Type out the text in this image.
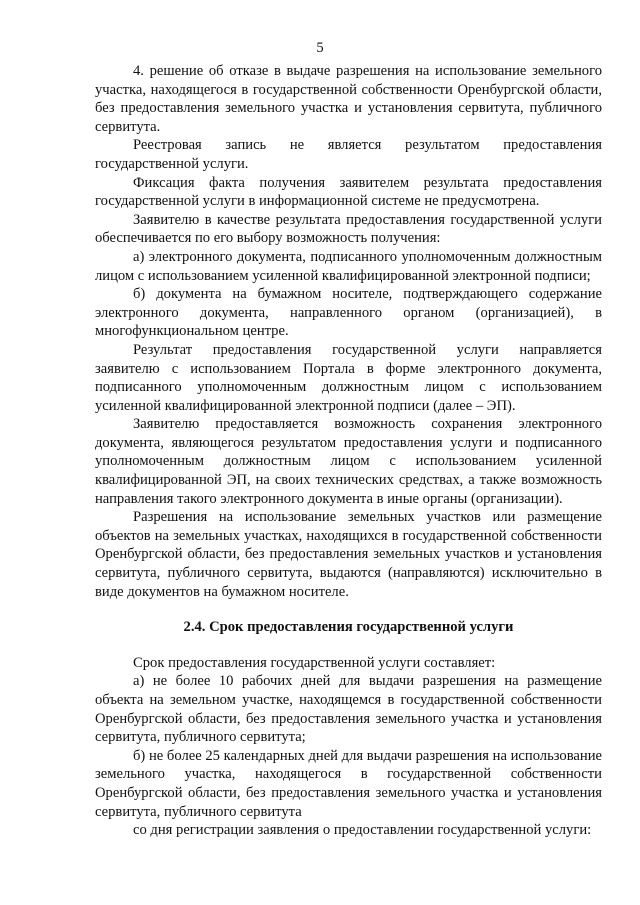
5

4. решение об отказе в выдаче разрешения на использование земельного участка, находящегося в государственной собственности Оренбургской области, без предоставления земельного участка и установления сервитута, публичного сервитута.

Реестровая запись не является результатом предоставления государственной услуги.

Фиксация факта получения заявителем результата предоставления государственной услуги в информационной системе не предусмотрена.

Заявителю в качестве результата предоставления государственной услуги обеспечивается по его выбору возможность получения:

а) электронного документа, подписанного уполномоченным должностным лицом с использованием усиленной квалифицированной электронной подписи;

б) документа на бумажном носителе, подтверждающего содержание электронного документа, направленного органом (организацией), в многофункциональном центре.

Результат предоставления государственной услуги направляется заявителю с использованием Портала в форме электронного документа, подписанного уполномоченным должностным лицом с использованием усиленной квалифицированной электронной подписи (далее – ЭП).

Заявителю предоставляется возможность сохранения электронного документа, являющегося результатом предоставления услуги и подписанного уполномоченным должностным лицом с использованием усиленной квалифицированной ЭП, на своих технических средствах, а также возможность направления такого электронного документа в иные органы (организации).

Разрешения на использование земельных участков или размещение объектов на земельных участках, находящихся в государственной собственности Оренбургской области, без предоставления земельных участков и установления сервитута, публичного сервитута, выдаются (направляются) исключительно в виде документов на бумажном носителе.

2.4. Срок предоставления государственной услуги

Срок предоставления государственной услуги составляет:

а) не более 10 рабочих дней для выдачи разрешения на размещение объекта на земельном участке, находящемся в государственной собственности Оренбургской области, без предоставления земельного участка и установления сервитута, публичного сервитута;

б) не более 25 календарных дней для выдачи разрешения на использование земельного участка, находящегося в государственной собственности Оренбургской области, без предоставления земельного участка и установления сервитута, публичного сервитута

со дня регистрации заявления о предоставлении государственной услуги:
